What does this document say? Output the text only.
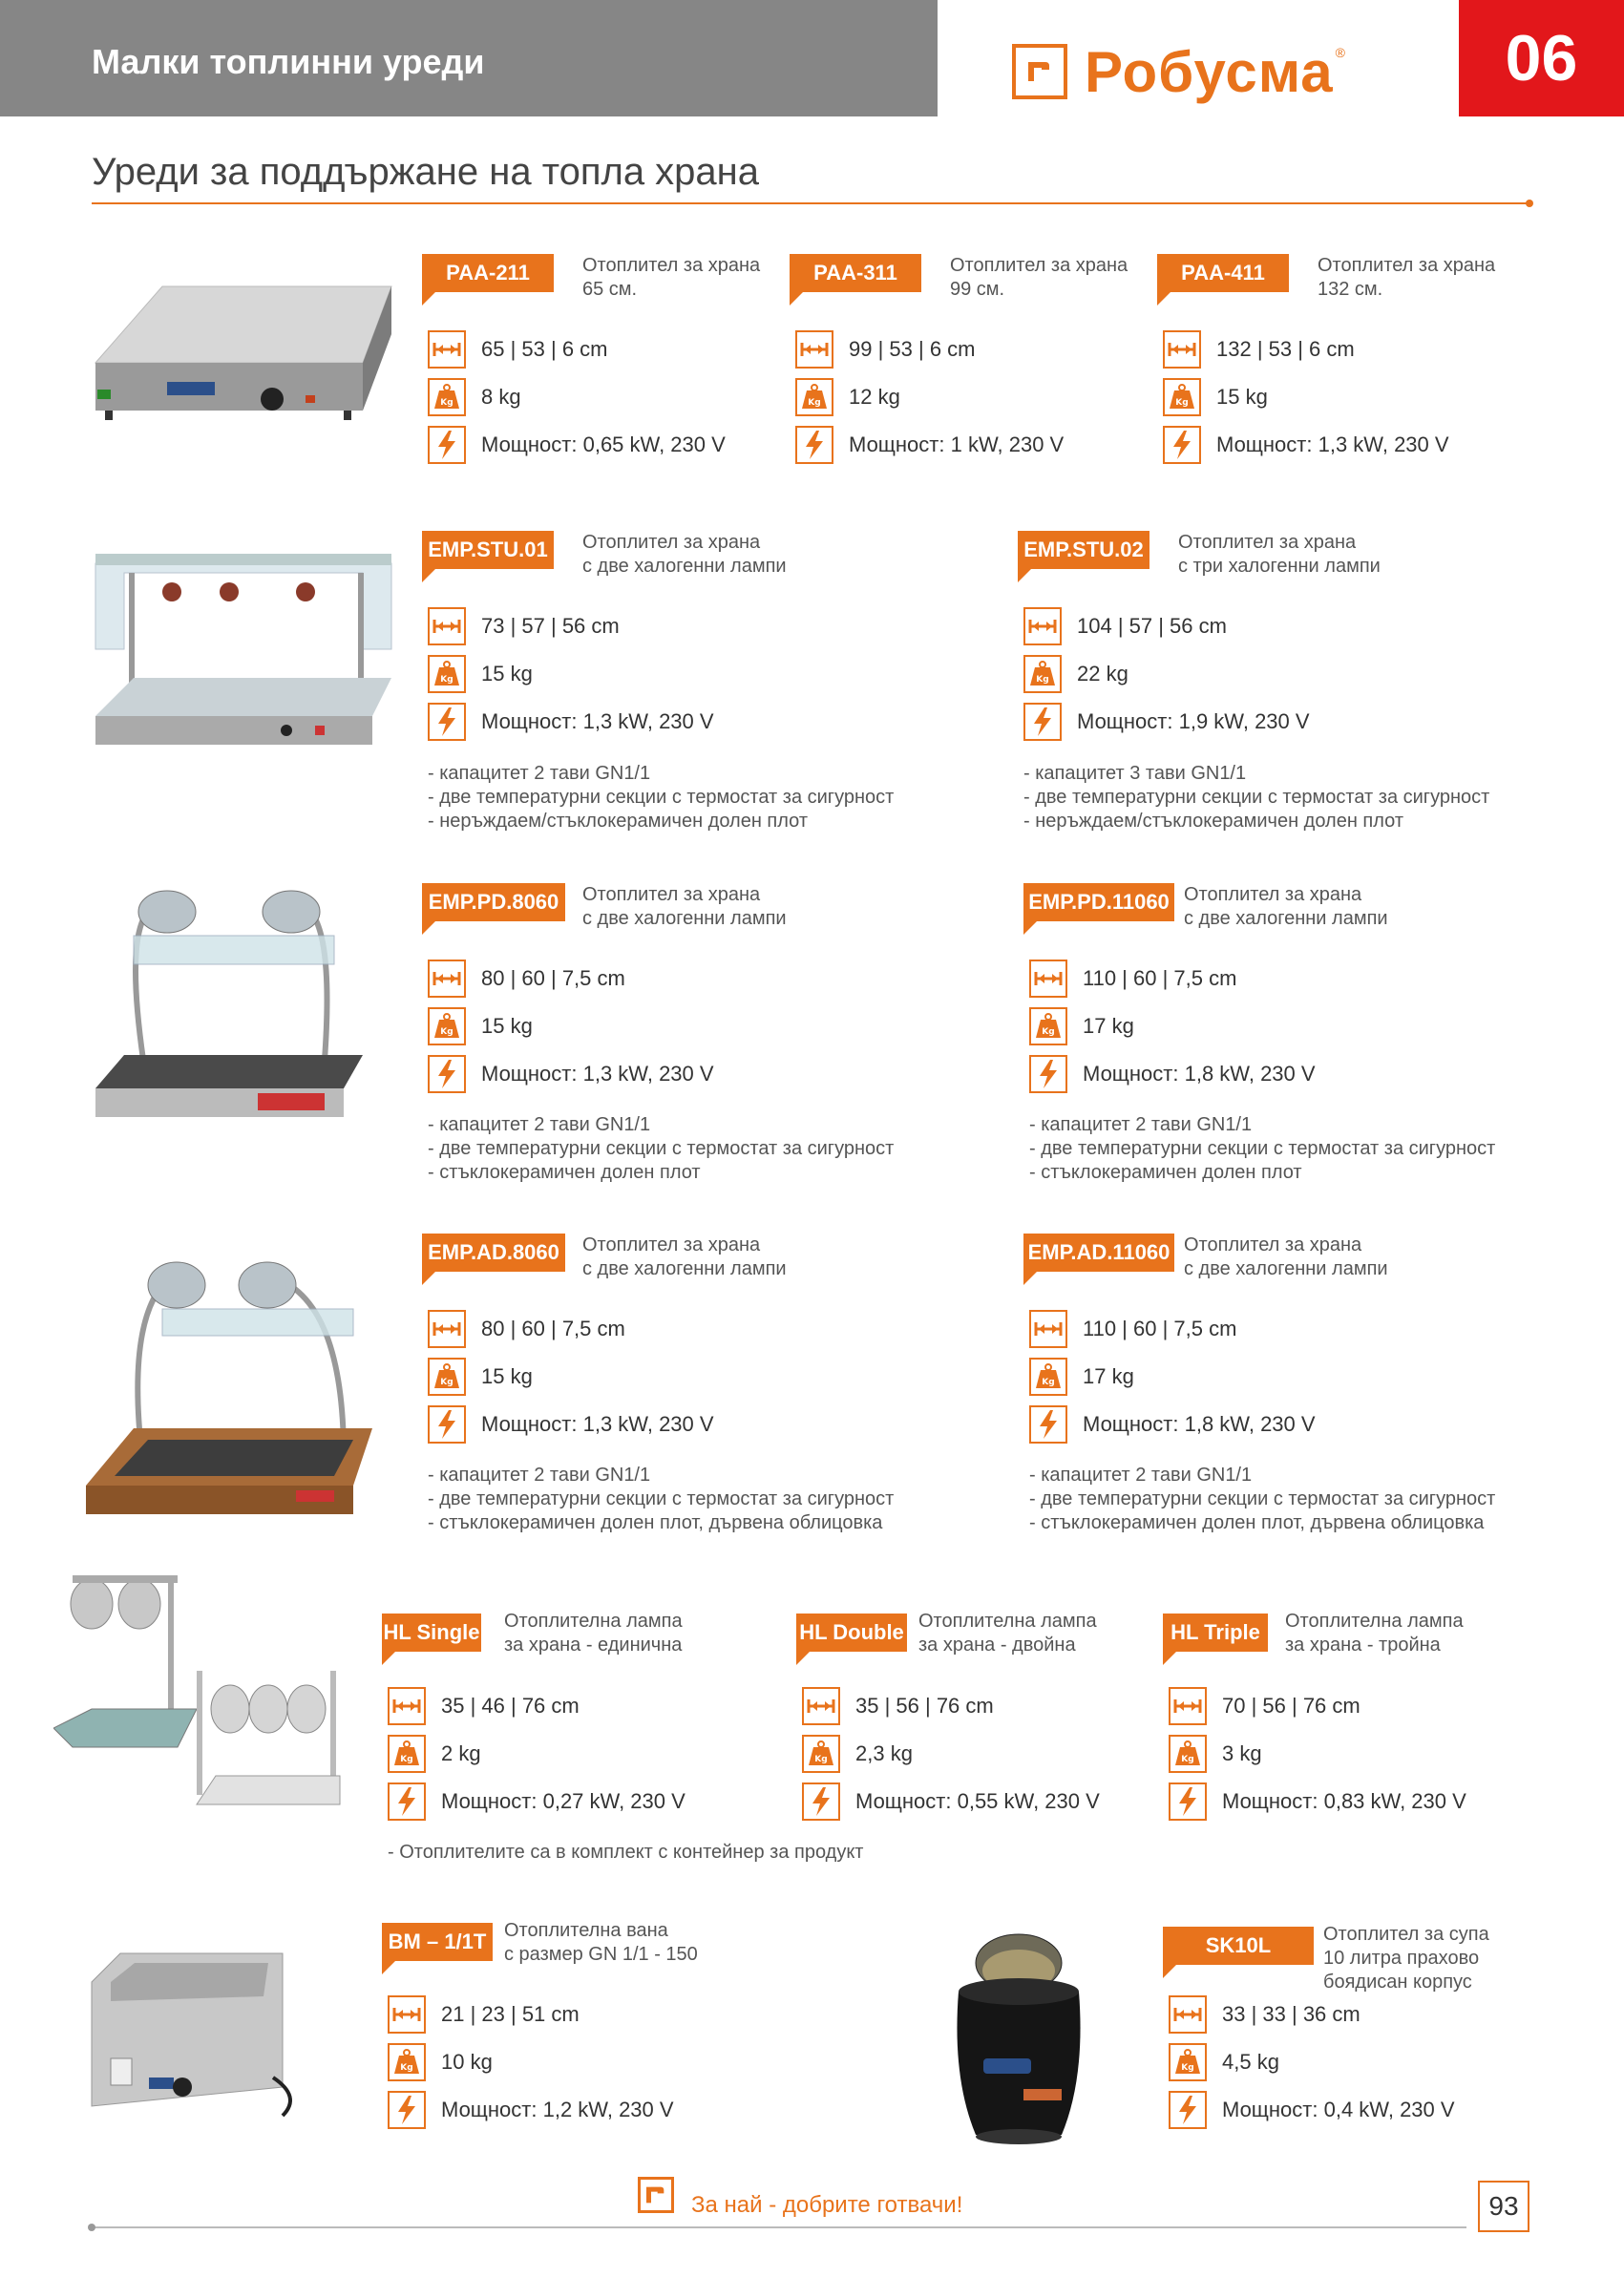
Малки топлинни уреди	Робусма ®	06
Уреди за поддържане на топла храна
PAA-211	Отоплител за храна
65 см.
65 | 53 | 6 cm
8 kg
Мощност: 0,65 kW, 230 V
PAA-311	Отоплител за храна
99 см.
99 | 53 | 6 cm
12 kg
Мощност: 1 kW, 230 V
PAA-411	Отоплител за храна
132 см.
132 | 53 | 6 cm
15 kg
Мощност: 1,3 kW, 230 V
EMP.STU.01	Отоплител за храна
с две халогенни лампи
73 | 57 | 56 cm
15 kg
Мощност: 1,3 kW, 230 V
- капацитет 2 тави GN1/1
- две температурни секции с термостат за сигурност
- неръждаем/стъклокерамичен долен плот
EMP.STU.02	Отоплител за храна
с три халогенни лампи
104 | 57 | 56 cm
22 kg
Мощност: 1,9 kW, 230 V
- капацитет 3 тави GN1/1
- две температурни секции с термостат за сигурност
- неръждаем/стъклокерамичен долен плот
EMP.PD.8060	Отоплител за храна
с две халогенни лампи
80 | 60 | 7,5 cm
15 kg
Мощност: 1,3 kW, 230 V
- капацитет 2 тави GN1/1
- две температурни секции с термостат за сигурност
- стъклокерамичен долен плот
EMP.PD.11060 Отоплител за храна
с две халогенни лампи
110 | 60 | 7,5 cm
17 kg
Мощност: 1,8 kW, 230 V
- капацитет 2 тави GN1/1
- две температурни секции с термостат за сигурност
- стъклокерамичен долен плот
EMP.AD.8060	Отоплител за храна
с две халогенни лампи
80 | 60 | 7,5 cm
15 kg
Мощност: 1,3 kW, 230 V
- капацитет 2 тави GN1/1
- две температурни секции с термостат за сигурност
- стъклокерамичен долен плот, дървена облицовка
EMP.AD.11060 Отоплител за храна
с две халогенни лампи
110 | 60 | 7,5 cm
17 kg
Мощност: 1,8 kW, 230 V
- капацитет 2 тави GN1/1
- две температурни секции с термостат за сигурност
- стъклокерамичен долен плот, дървена облицовка
HL Single Отоплителна лампа
за храна - единична
35 | 46 | 76 cm
2 kg
Мощност: 0,27 kW, 230 V
HL Double Отоплителна лампа
за храна - двойна
35 | 56 | 76 cm
2,3 kg
Мощност: 0,55 kW, 230 V
HL Triple	Отоплителна лампа
за храна - тройна
70 | 56 | 76 cm
3 kg
Мощност: 0,83 kW, 230 V
- Отоплителите са в комплект с контейнер за продукт
BM – 1/1T Отоплителна вана
с размер GN 1/1 - 150
21 | 23 | 51 cm
10 kg
Мощност: 1,2 kW, 230 V
SK10L	Отоплител за супа
10 литра прахово
боядисан корпус
33 | 33 | 36 cm
4,5 kg
Мощност: 0,4 kW, 230 V
За най - добрите готвачи!	93
